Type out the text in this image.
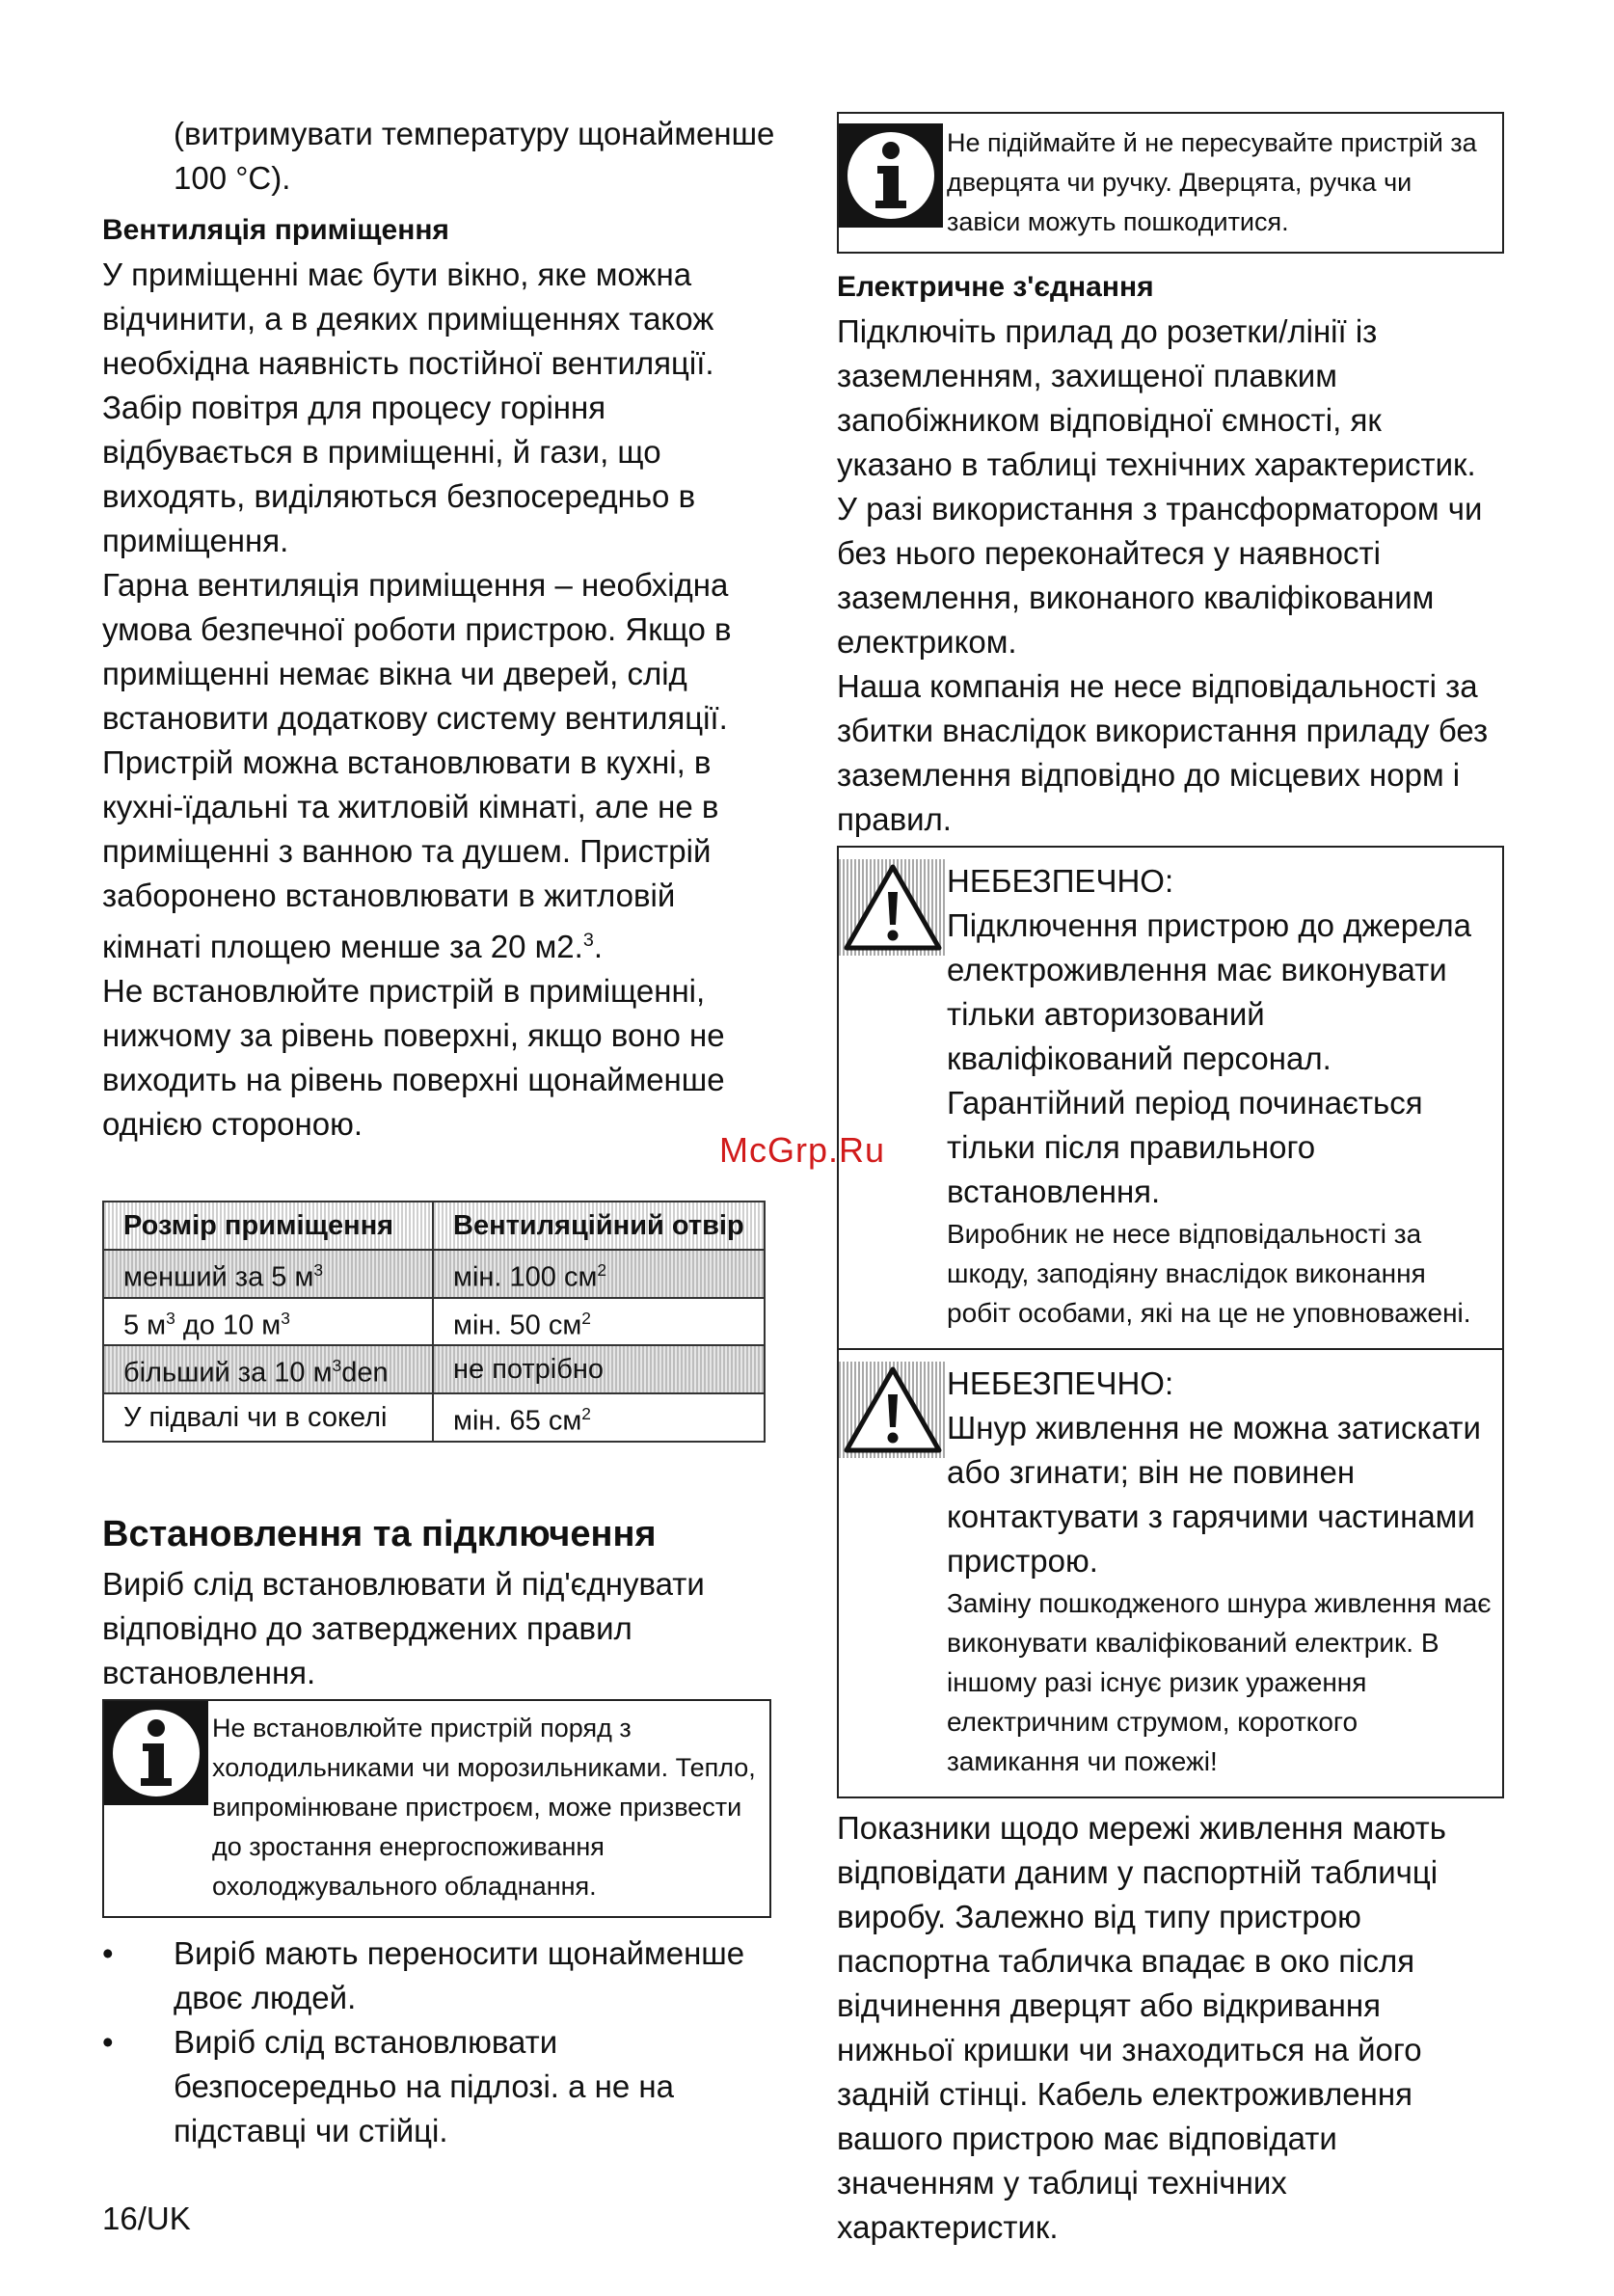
(витримувати температуру щонайменше 100 °C).

Вентиляція приміщення

У приміщенні має бути вікно, яке можна відчинити, а в деяких приміщеннях також необхідна наявність постійної вентиляції. Забір повітря для процесу горіння відбувається в приміщенні, й гази, що виходять, виділяються безпосередньо в приміщення.

Гарна вентиляція приміщення – необхідна умова безпечної роботи пристрою. Якщо в приміщенні немає вікна чи дверей, слід встановити додаткову систему вентиляції.

Пристрій можна встановлювати в кухні, в кухні-їдальні та житловій кімнаті, але не в приміщенні з ванною та душем. Пристрій заборонено встановлювати в житловій кімнаті площею менше за 20 м2.$^3$.

Не встановлюйте пристрій в приміщенні, нижчому за рівень поверхні, якщо воно не виходить на рівень поверхні щонайменше однією стороною.

Розмір приміщення	Вентиляційний отвір
менший за 5 $м^3$	мін. 100 $см^2$
5 $м^3$ до 10 $м^3$	мін. 50 $см^2$
більший за 10 $м^3den$	не потрібно
У підвалі чи в сокелі	мін. 65 $см^2$
Встановлення та підключення

Виріб слід встановлювати й під'єднувати відповідно до затверджених правил встановлення.

Не встановлюйте пристрій поряд з холодильниками чи морозильниками. Тепло, випромінюване пристроєм, може призвести до зростання енергоспоживання охолоджувального обладнання.
• Виріб мають переносити щонайменше двоє людей.
• Виріб слід встановлювати безпосередньо на підлозі. а не на підставці чи стійці.
Не підіймайте й не пересувайте пристрій за дверцята чи ручку. Дверцята, ручка чи завіси можуть пошкодитися.
Електричне з'єднання

Підключіть прилад до розетки/лінії із заземленням, захищеної плавким запобіжником відповідної ємності, як указано в таблиці технічних характеристик. У разі використання з трансформатором чи без нього переконайтеся у наявності заземлення, виконаного кваліфікованим електриком.

Наша компанія не несе відповідальності за збитки внаслідок використання приладу без заземлення відповідно до місцевих норм і правил.

НЕБЕЗПЕЧНО:
Підключення пристрою до джерела електроживлення має виконувати тільки авторизований кваліфікований персонал. Гарантійний період починається тільки після правильного встановлення.
Виробник не несе відповідальності за шкоду, заподіяну внаслідок виконання робіт особами, які на це не уповноважені.
НЕБЕЗПЕЧНО:
Шнур живлення не можна затискати або згинати; він не повинен контактувати з гарячими частинами пристрою.
Заміну пошкодженого шнура живлення має виконувати кваліфікований електрик. В іншому разі існує ризик ураження електричним струмом, короткого замикання чи пожежі!

Показники щодо мережі живлення мають відповідати даним у паспортній табличці виробу. Залежно від типу пристрою паспортна табличка впадає в око після відчинення дверцят або відкривання нижньої кришки чи знаходиться на його задній стінці. Кабель електроживлення вашого пристрою має відповідати значенням у таблиці технічних характеристик.

McGrp.Ru
16/UK
